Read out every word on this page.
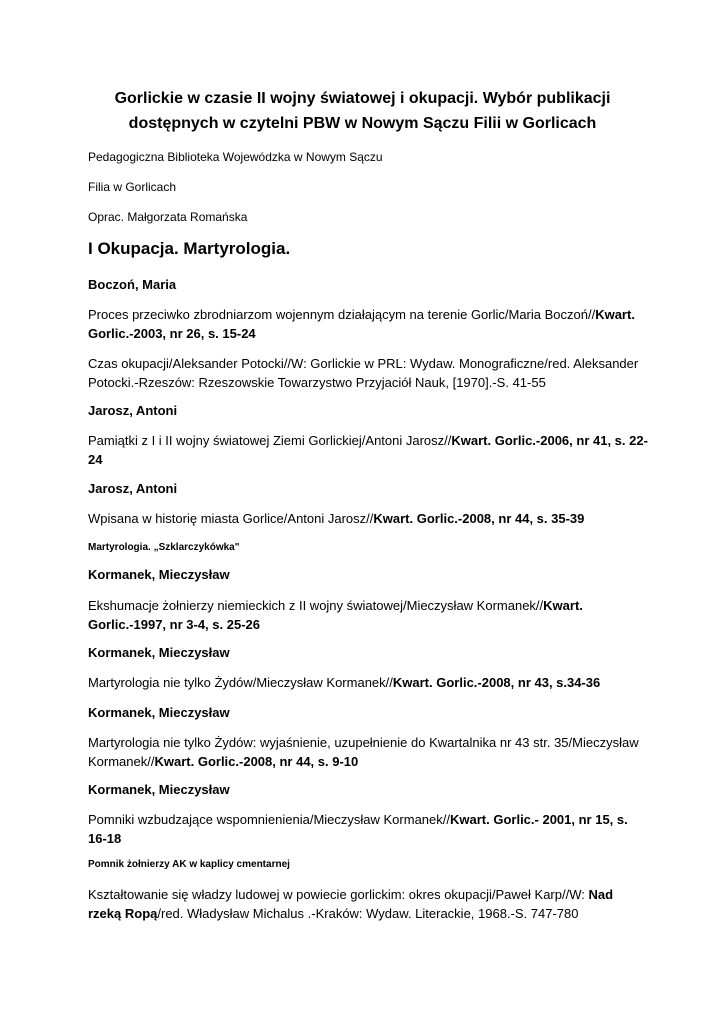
Gorlickie w czasie II wojny światowej i okupacji. Wybór publikacji dostępnych w czytelni PBW w Nowym Sączu Filii w Gorlicach
Pedagogiczna Biblioteka Wojewódzka w Nowym Sączu
Filia w Gorlicach
Oprac. Małgorzata Romańska
I Okupacja. Martyrologia.
Boczoń, Maria
Proces przeciwko zbrodniarzom wojennym działającym na terenie Gorlic/Maria Boczoń//Kwart. Gorlic.-2003, nr 26, s. 15-24
Czas okupacji/Aleksander Potocki//W: Gorlickie w PRL: Wydaw. Monograficzne/red. Aleksander Potocki.-Rzeszów: Rzeszowskie Towarzystwo Przyjaciół Nauk, [1970].-S. 41-55
Jarosz, Antoni
Pamiątki z I i II wojny światowej Ziemi Gorlickiej/Antoni Jarosz//Kwart. Gorlic.-2006, nr 41, s. 22-24
Jarosz, Antoni
Wpisana w historię miasta Gorlice/Antoni Jarosz//Kwart. Gorlic.-2008, nr 44, s. 35-39
Martyrologia. „Szklarczykówka"
Kormanek, Mieczysław
Ekshumacje żołnierzy niemieckich z II wojny światowej/Mieczysław Kormanek//Kwart. Gorlic.-1997, nr 3-4, s. 25-26
Kormanek, Mieczysław
Martyrologia nie tylko Żydów/Mieczysław Kormanek//Kwart. Gorlic.-2008, nr 43, s.34-36
Kormanek, Mieczysław
Martyrologia nie tylko Żydów: wyjaśnienie, uzupełnienie do Kwartalnika nr 43 str. 35/Mieczysław Kormanek//Kwart. Gorlic.-2008, nr 44, s. 9-10
Kormanek, Mieczysław
Pomniki wzbudzające wspomnienienia/Mieczysław Kormanek//Kwart. Gorlic.- 2001, nr 15, s. 16-18
Pomnik żołnierzy AK w kaplicy cmentarnej
Kształtowanie się władzy ludowej w powiecie gorlickim: okres okupacji/Paweł Karp//W: Nad rzeką Ropą/red. Władysław Michalus .-Kraków: Wydaw. Literackie, 1968.-S. 747-780
